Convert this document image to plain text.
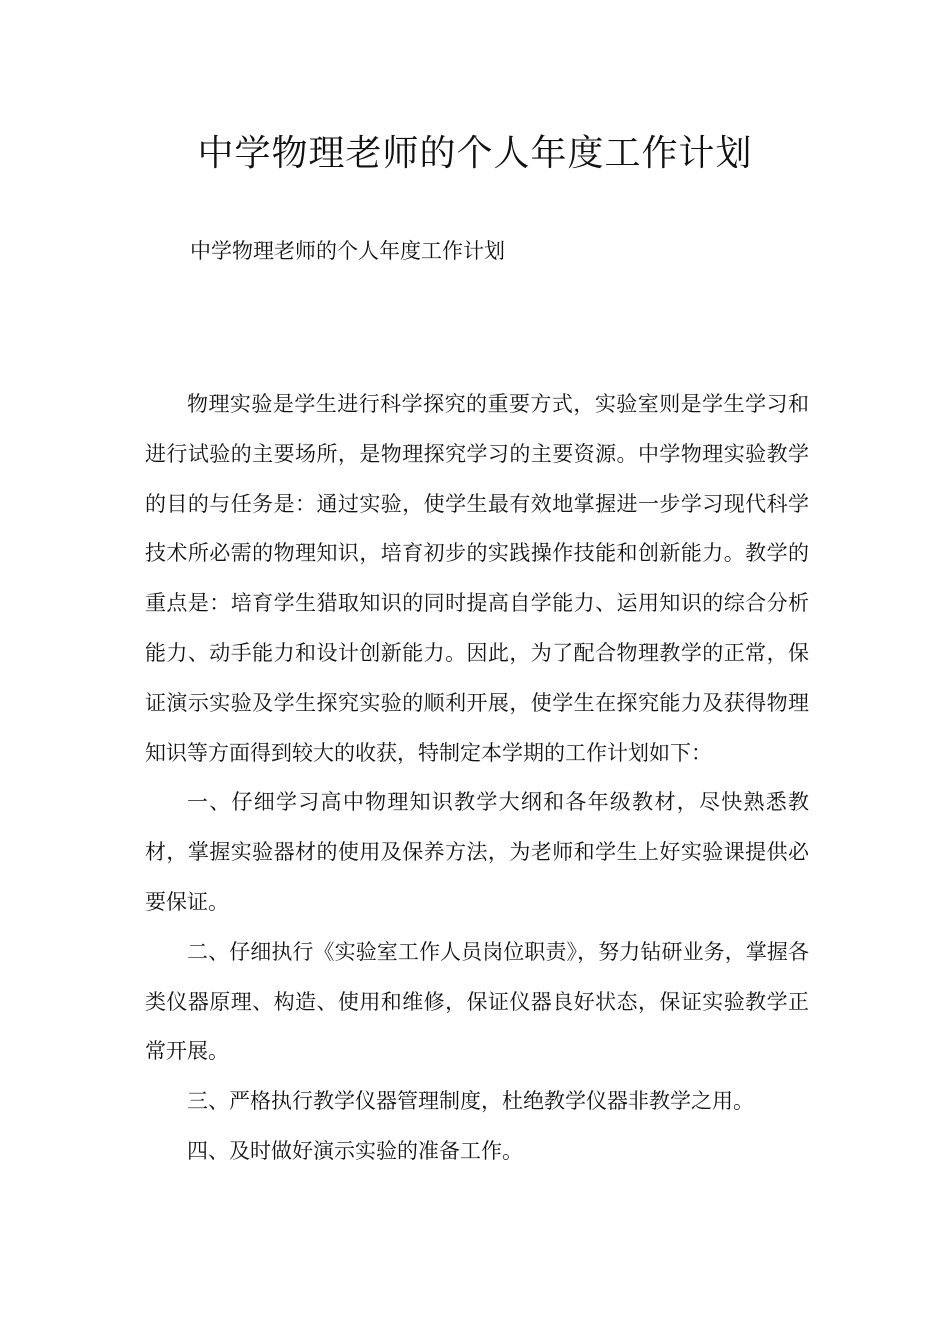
中学物理老师的个人年度工作计划

中学物理老师的个人年度工作计划

物理实验是学生进行科学探究的重要方式，实验室则是学生学习和进行试验的主要场所，是物理探究学习的主要资源。中学物理实验教学的目的与任务是：通过实验，使学生最有效地掌握进一步学习现代科学技术所必需的物理知识，培育初步的实践操作技能和创新能力。教学的重点是：培育学生猎取知识的同时提高自学能力、运用知识的综合分析能力、动手能力和设计创新能力。因此，为了配合物理教学的正常，保证演示实验及学生探究实验的顺利开展，使学生在探究能力及获得物理知识等方面得到较大的收获，特制定本学期的工作计划如下：

一、仔细学习高中物理知识教学大纲和各年级教材，尽快熟悉教材，掌握实验器材的使用及保养方法，为老师和学生上好实验课提供必要保证。

二、仔细执行《实验室工作人员岗位职责》，努力钻研业务，掌握各类仪器原理、构造、使用和维修，保证仪器良好状态，保证实验教学正常开展。

三、严格执行教学仪器管理制度，杜绝教学仪器非教学之用。

四、及时做好演示实验的准备工作。
